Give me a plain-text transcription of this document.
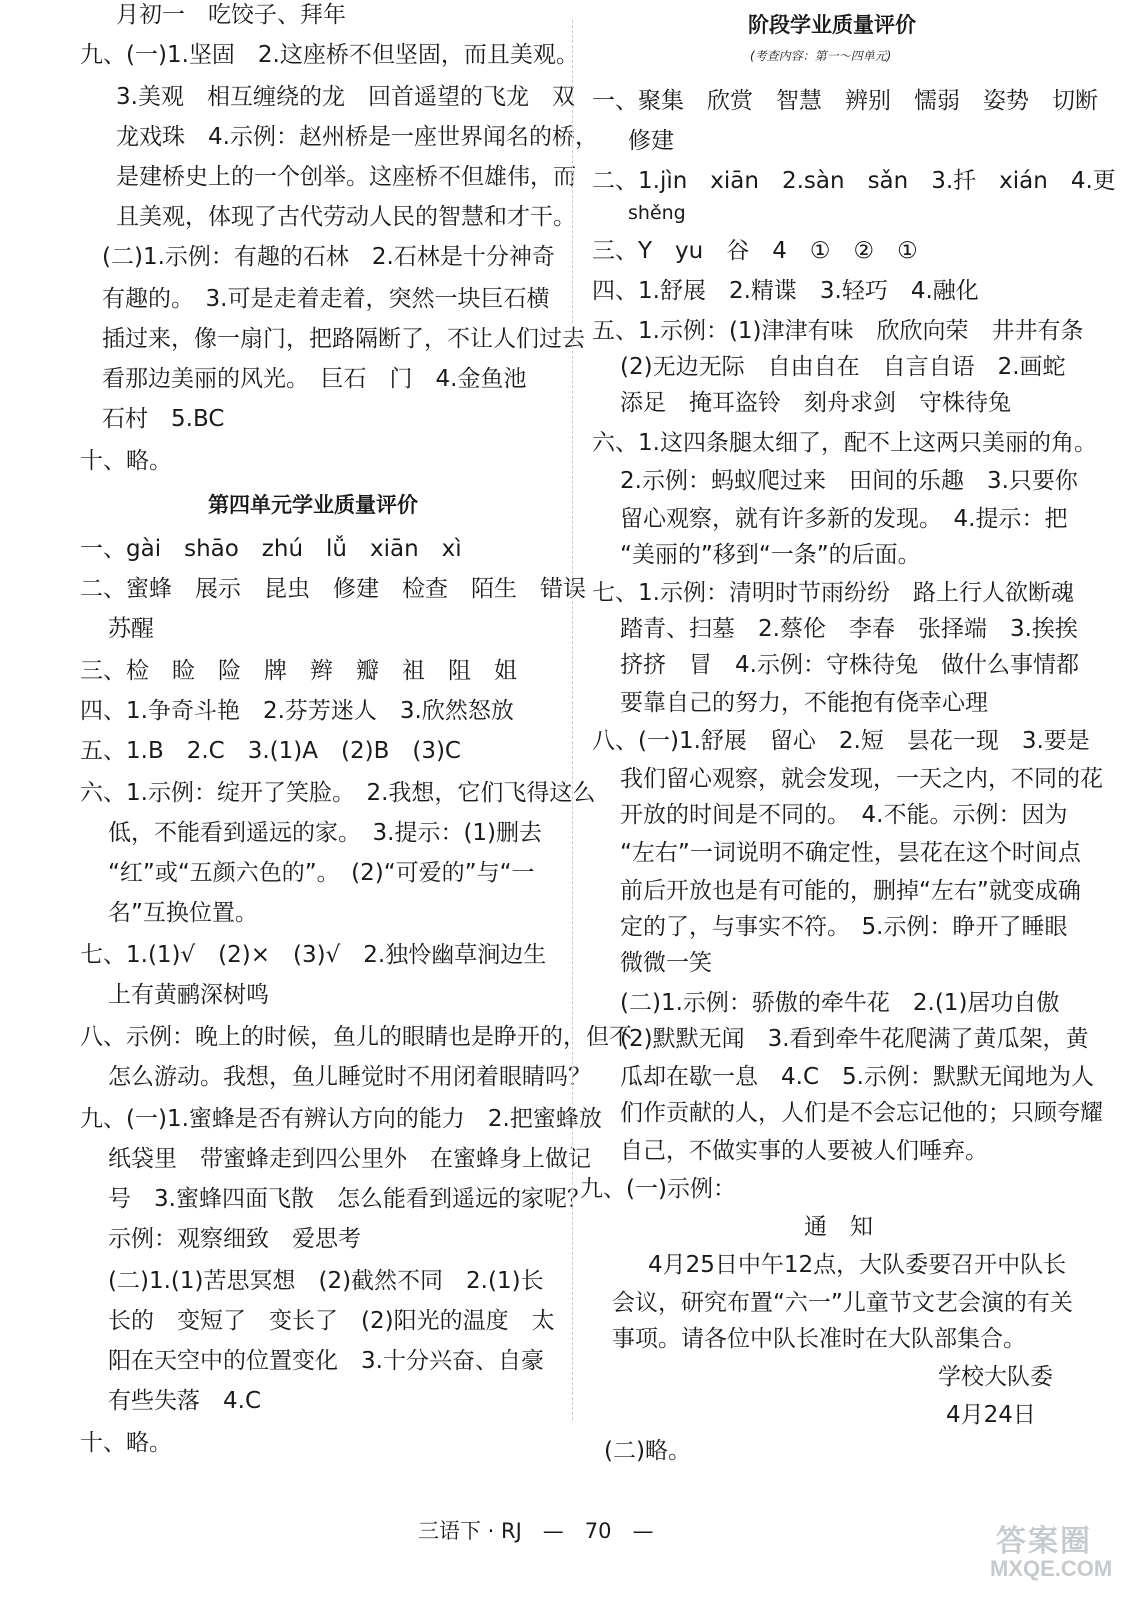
月初一　吃饺子、拜年
九、(一)1.坚固　2.这座桥不但坚固，而且美观。
3.美观　相互缠绕的龙　回首遥望的飞龙　双
龙戏珠　4.示例：赵州桥是一座世界闻名的桥，
是建桥史上的一个创举。这座桥不但雄伟，而
且美观，体现了古代劳动人民的智慧和才干。
(二)1.示例：有趣的石林　2.石林是十分神奇
有趣的。　3.可是走着走着，突然一块巨石横
插过来，像一扇门，把路隔断了，不让人们过去
看那边美丽的风光。　巨石　门　4.金鱼池
石村　5.BC
十、略。
第四单元学业质量评价
一、gài　shāo　zhú　lǚ　xiān　xì
二、蜜蜂　展示　昆虫　修建　检查　陌生　错误
苏醒
三、检　睑　险　牌　辫　瓣　祖　阻　姐
四、1.争奇斗艳　2.芬芳迷人　3.欣然怒放
五、1.B　2.C　3.(1)A　(2)B　(3)C
六、1.示例：绽开了笑脸。　2.我想，它们飞得这么
低，不能看到遥远的家。　3.提示：(1)删去
“红”或“五颜六色的”。　(2)“可爱的”与“一
名”互换位置。
七、1.(1)√　(2)×　(3)√　2.独怜幽草涧边生
上有黄鹂深树鸣
八、示例：晚上的时候，鱼儿的眼睛也是睁开的，但不
怎么游动。我想，鱼儿睡觉时不用闭着眼睛吗？
九、(一)1.蜜蜂是否有辨认方向的能力　2.把蜜蜂放
纸袋里　带蜜蜂走到四公里外　在蜜蜂身上做记
号　3.蜜蜂四面飞散　怎么能看到遥远的家呢？
示例：观察细致　爱思考
(二)1.(1)苦思冥想　(2)截然不同　2.(1)长
长的　变短了　变长了　(2)阳光的温度　太
阳在天空中的位置变化　3.十分兴奋、自豪
有些失落　4.C
十、略。
阶段学业质量评价
(考查内容：第一～四单元)
一、聚集　欣赏　智慧　辨别　懦弱　姿势　切断
修建
二、1.jìn　xiān　2.sàn　sǎn　3.扦　xián　4.更
shěng
三、Y　yu　谷　4　①　②　①
四、1.舒展　2.精谍　3.轻巧　4.融化
五、1.示例：(1)津津有味　欣欣向荣　井井有条
(2)无边无际　自由自在　自言自语　2.画蛇
添足　掩耳盗铃　刻舟求剑　守株待兔
六、1.这四条腿太细了，配不上这两只美丽的角。
2.示例：蚂蚁爬过来　田间的乐趣　3.只要你
留心观察，就有许多新的发现。　4.提示：把
“美丽的”移到“一条”的后面。
七、1.示例：清明时节雨纷纷　路上行人欲断魂
踏青、扫墓　2.蔡伦　李春　张择端　3.挨挨
挤挤　冒　4.示例：守株待兔　做什么事情都
要靠自己的努力，不能抱有侥幸心理
八、(一)1.舒展　留心　2.短　昙花一现　3.要是
我们留心观察，就会发现，一天之内，不同的花
开放的时间是不同的。　4.不能。示例：因为
“左右”一词说明不确定性，昙花在这个时间点
前后开放也是有可能的，删掉“左右”就变成确
定的了，与事实不符。　5.示例：睁开了睡眼
微微一笑
(二)1.示例：骄傲的牵牛花　2.(1)居功自傲
(2)默默无闻　3.看到牵牛花爬满了黄瓜架，黄
瓜却在歇一息　4.C　5.示例：默默无闻地为人
们作贡献的人，人们是不会忘记他的；只顾夸耀
自己，不做实事的人要被人们唾弃。
九、(一)示例：
通　知
4月25日中午12点，大队委要召开中队长
会议，研究布置“六一”儿童节文艺会演的有关
事项。请各位中队长准时在大队部集合。
学校大队委
4月24日
(二)略。
三语下 · RJ　—　70　—	答案圈
MXQE.COM
